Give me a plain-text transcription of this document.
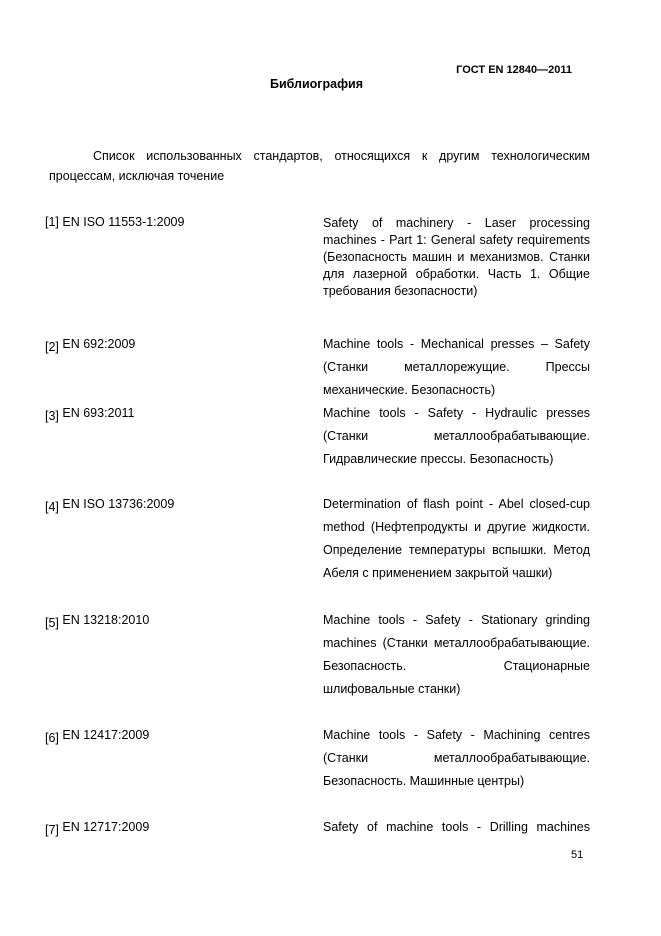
ГОСТ EN 12840—2011
Библиография
Список использованных стандартов, относящихся к другим технологическим процессам, исключая точение
[1] EN ISO 11553-1:2009	Safety of machinery - Laser processing machines - Part 1: General safety requirements (Безопасность машин и механизмов. Станки для лазерной обработки. Часть 1. Общие требования безопасности)
[2] EN 692:2009	Machine tools - Mechanical presses – Safety (Станки металлорежущие. Прессы механические. Безопасность)
[3] EN 693:2011	Machine tools - Safety - Hydraulic presses (Станки металлообрабатывающие. Гидравлические прессы. Безопасность)
[4] EN ISO 13736:2009	Determination of flash point - Abel closed-cup method (Нефтепродукты и другие жидкости. Определение температуры вспышки. Метод Абеля с применением закрытой чашки)
[5] EN 13218:2010	Machine tools - Safety - Stationary grinding machines (Станки металлообрабатывающие. Безопасность. Стационарные шлифовальные станки)
[6] EN 12417:2009	Machine tools - Safety - Machining centres (Станки металлообрабатывающие. Безопасность. Машинные центры)
[7] EN 12717:2009	Safety of machine tools - Drilling machines
51
